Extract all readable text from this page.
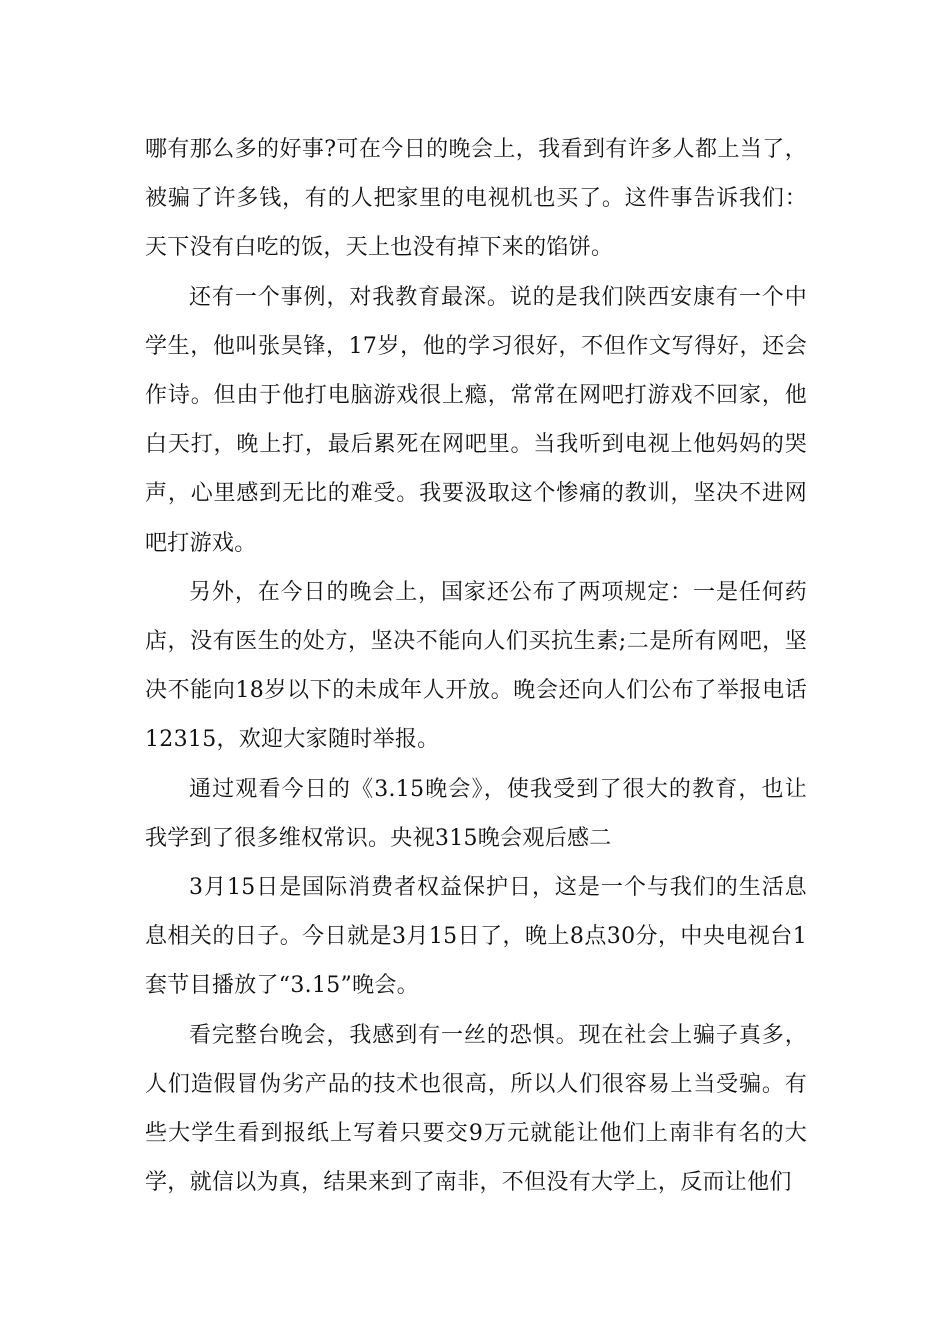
哪有那么多的好事?可在今日的晚会上，我看到有许多人都上当了，被骗了许多钱，有的人把家里的电视机也买了。这件事告诉我们：天下没有白吃的饭，天上也没有掉下来的馅饼。

还有一个事例，对我教育最深。说的是我们陕西安康有一个中学生，他叫张昊锋，17岁，他的学习很好，不但作文写得好，还会作诗。但由于他打电脑游戏很上瘾，常常在网吧打游戏不回家，他白天打，晚上打，最后累死在网吧里。当我听到电视上他妈妈的哭声，心里感到无比的难受。我要汲取这个惨痛的教训，坚决不进网吧打游戏。

另外，在今日的晚会上，国家还公布了两项规定：一是任何药店，没有医生的处方，坚决不能向人们买抗生素;二是所有网吧，坚决不能向18岁以下的未成年人开放。晚会还向人们公布了举报电话12315，欢迎大家随时举报。

通过观看今日的《3.15晚会》，使我受到了很大的教育，也让我学到了很多维权常识。央视315晚会观后感二

3月15日是国际消费者权益保护日，这是一个与我们的生活息息相关的日子。今日就是3月15日了，晚上8点30分，中央电视台1套节目播放了“3.15”晚会。

看完整台晚会，我感到有一丝的恐惧。现在社会上骗子真多，人们造假冒伪劣产品的技术也很高，所以人们很容易上当受骗。有些大学生看到报纸上写着只要交9万元就能让他们上南非有名的大学，就信以为真，结果来到了南非，不但没有大学上，反而让他们
